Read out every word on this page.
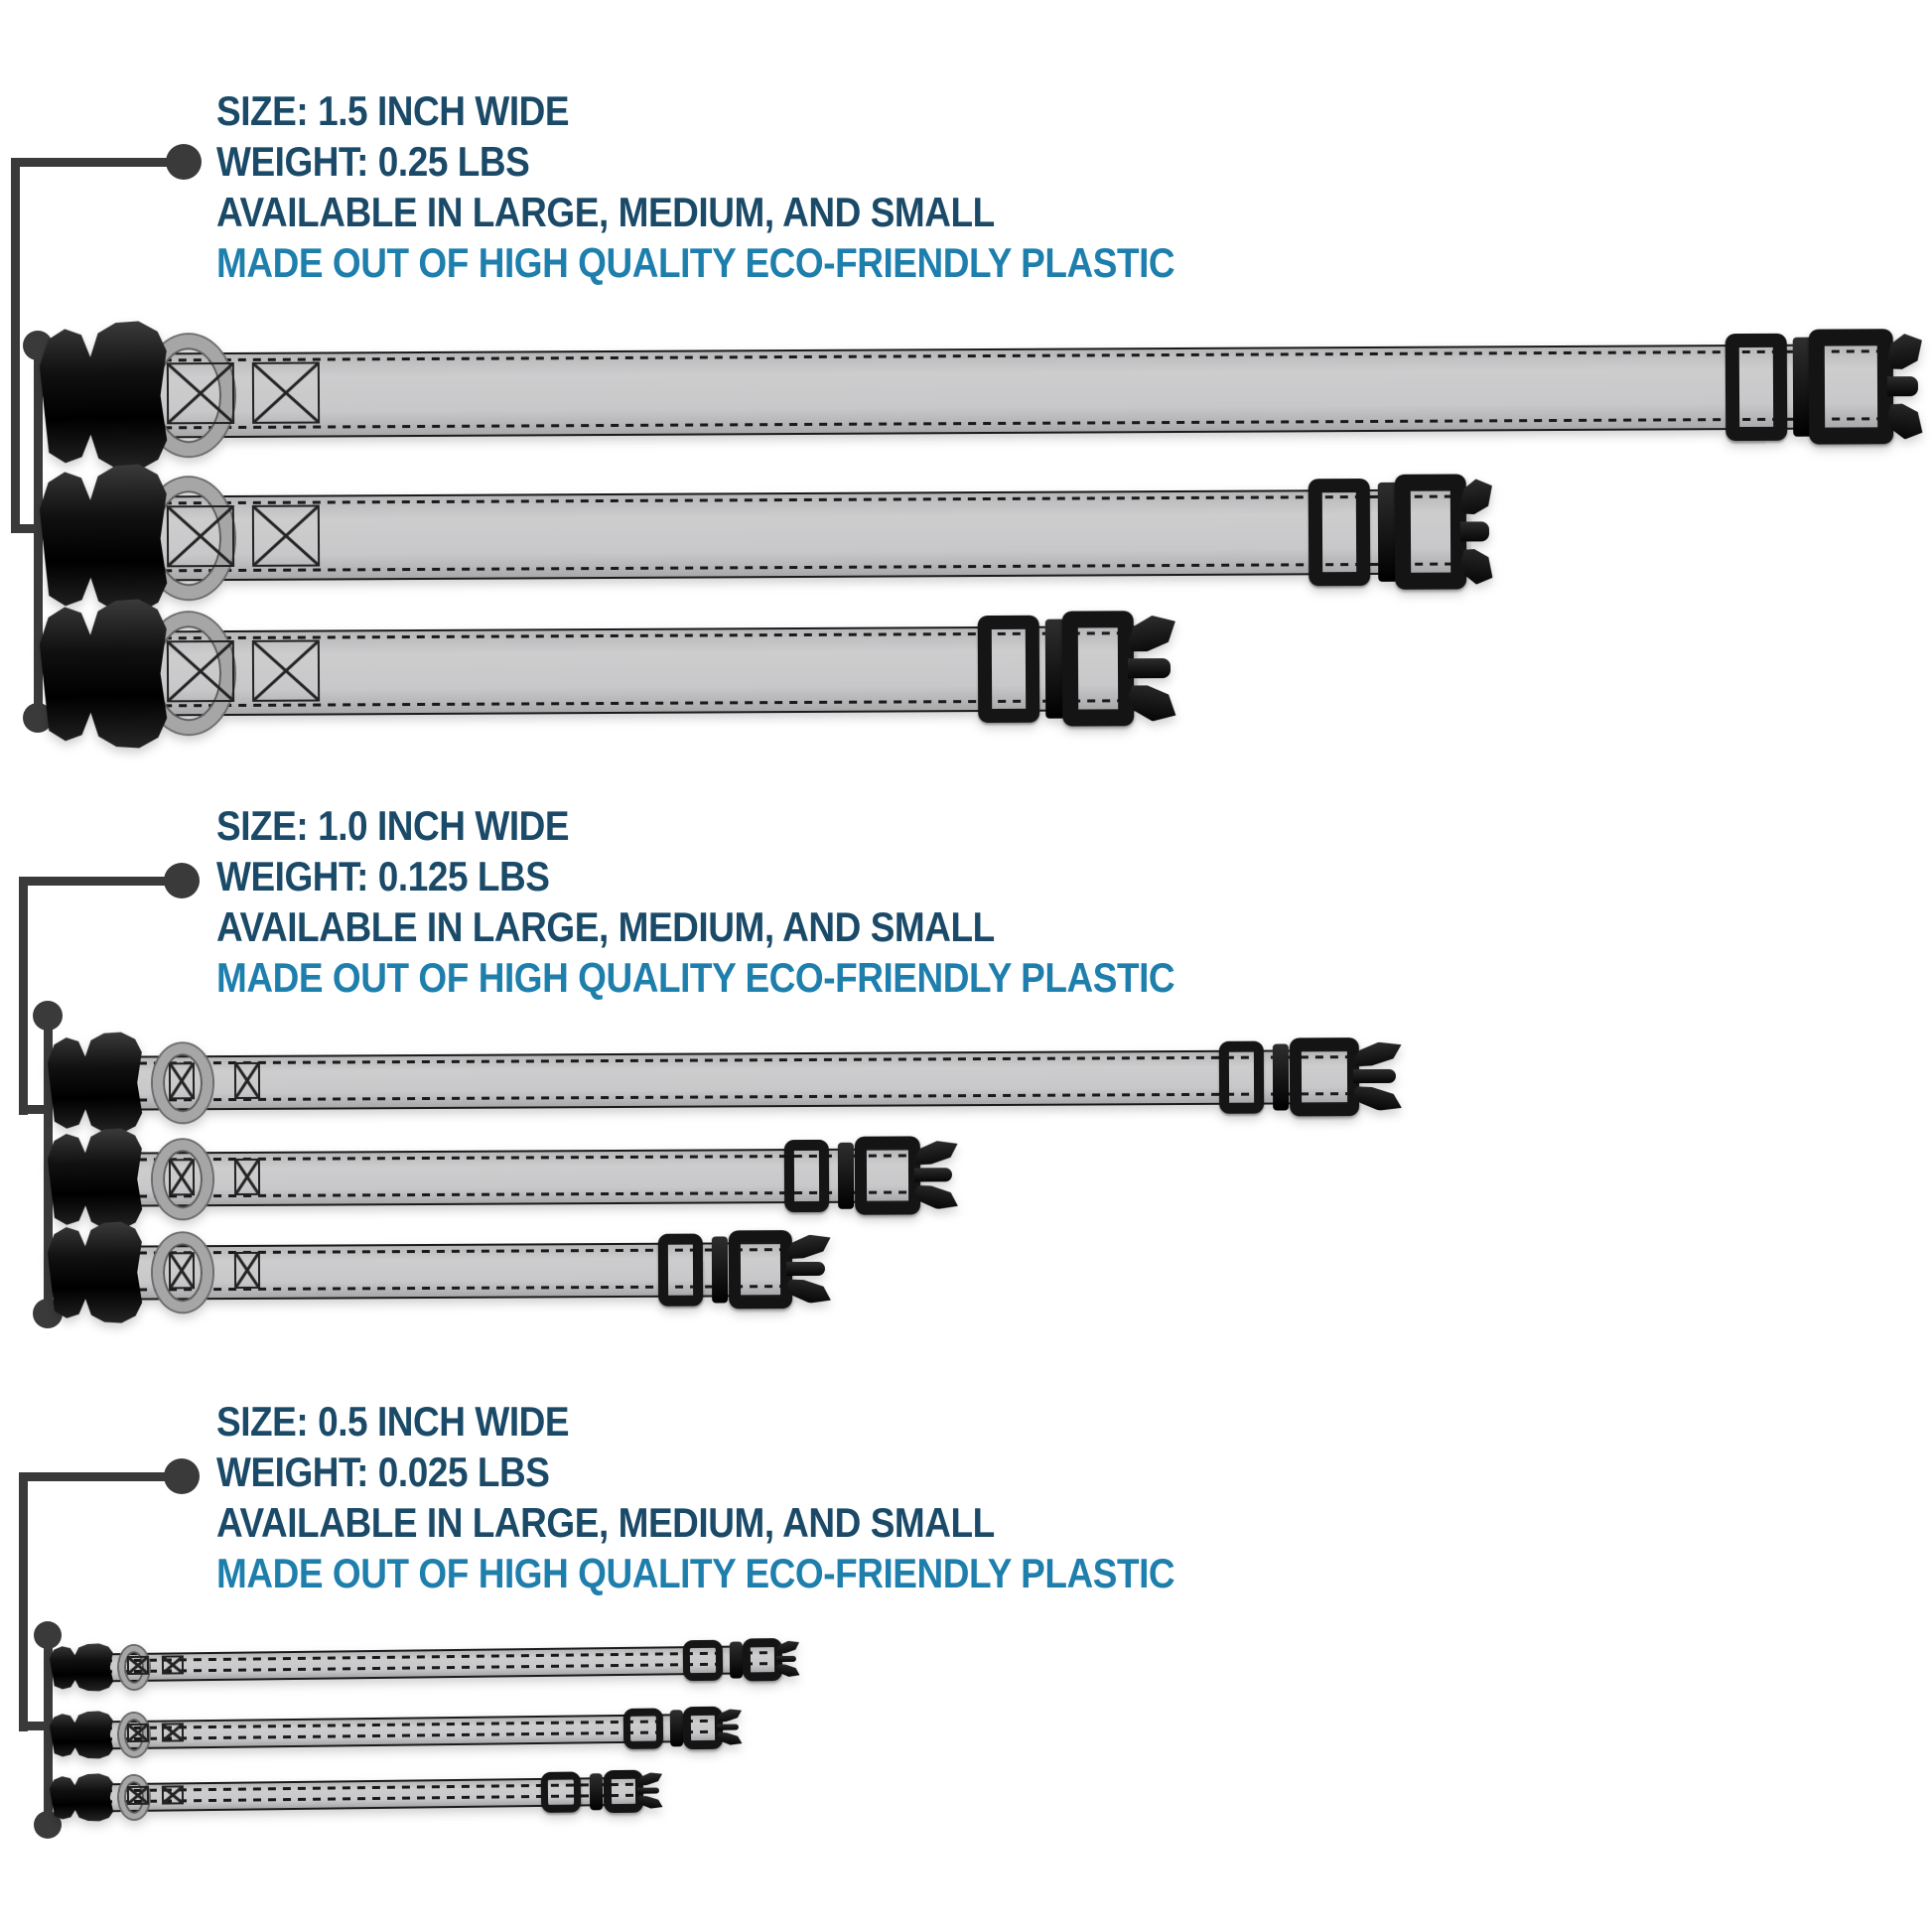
SIZE: 1.5 INCH WIDE
WEIGHT: 0.25 LBS
AVAILABLE IN LARGE, MEDIUM, AND SMALL
MADE OUT OF HIGH QUALITY ECO-FRIENDLY PLASTIC
SIZE: 1.0 INCH WIDE
WEIGHT: 0.125 LBS
AVAILABLE IN LARGE, MEDIUM, AND SMALL
MADE OUT OF HIGH QUALITY ECO-FRIENDLY PLASTIC
SIZE: 0.5 INCH WIDE
WEIGHT: 0.025 LBS
AVAILABLE IN LARGE, MEDIUM, AND SMALL
MADE OUT OF HIGH QUALITY ECO-FRIENDLY PLASTIC
